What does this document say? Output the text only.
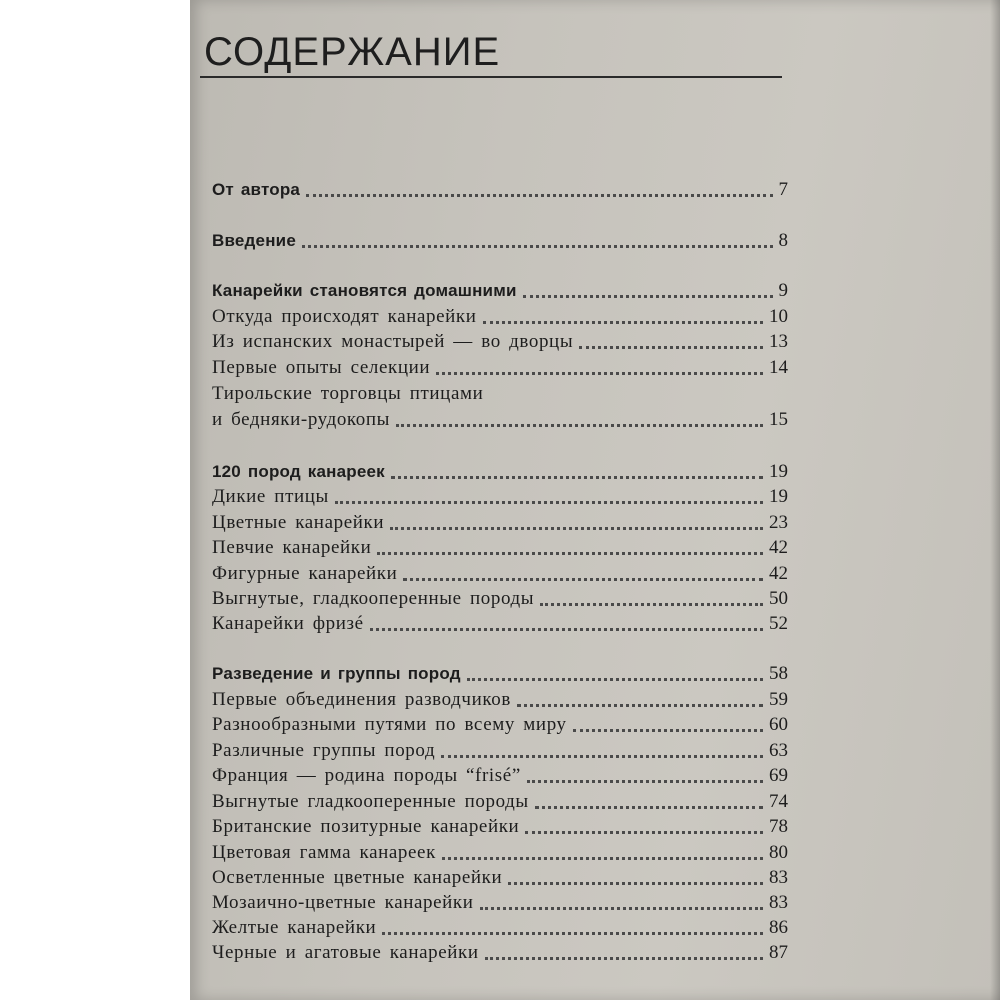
СОДЕРЖАНИЕ
От автора	7
Введение	8
Канарейки становятся домашними	9
Откуда происходят канарейки	10
Из испанских монастырей — во дворцы	13
Первые опыты селекции	14
Тирольские торговцы птицами
и бедняки-рудокопы	15
120 пород канареек	19
Дикие птицы	19
Цветные канарейки	23
Певчие канарейки	42
Фигурные канарейки	42
Выгнутые, гладкооперенные породы	50
Канарейки фризé	52
Разведение и группы пород	58
Первые объединения разводчиков	59
Разнообразными путями по всему миру	60
Различные группы пород	63
Франция — родина породы “frisé”	69
Выгнутые гладкооперенные породы	74
Британские позитурные канарейки	78
Цветовая гамма канареек	80
Осветленные цветные канарейки	83
Мозаично-цветные канарейки	83
Желтые канарейки	86
Черные и агатовые канарейки	87
